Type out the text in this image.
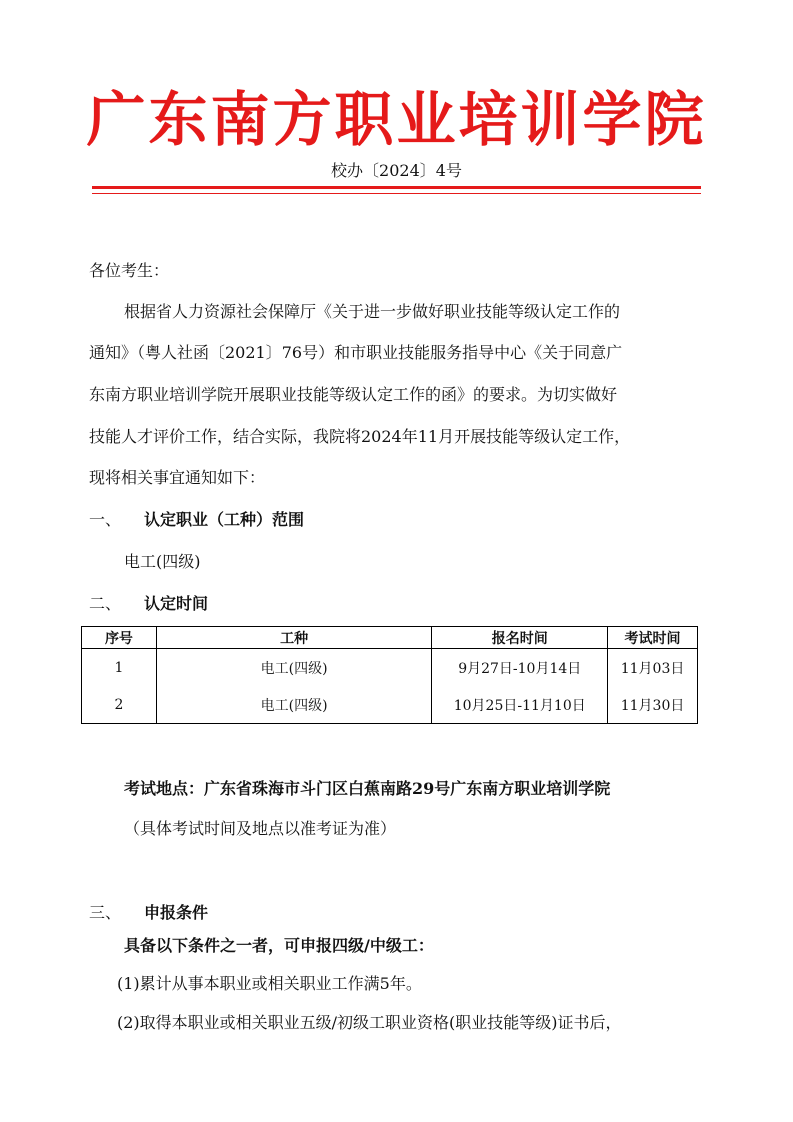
广东南方职业培训学院
校办〔2024〕4号
各位考生：
根据省人力资源社会保障厅《关于进一步做好职业技能等级认定工作的
通知》（粤人社函〔2021〕76号）和市职业技能服务指导中心《关于同意广
东南方职业培训学院开展职业技能等级认定工作的函》的要求。为切实做好
技能人才评价工作，结合实际，我院将2024年11月开展技能等级认定工作，
现将相关事宜通知如下：
一、 认定职业（工种）范围
电工(四级)
二、 认定时间
序号	工种	报名时间	考试时间
1	电工(四级)	9月27日-10月14日	11月03日
2	电工(四级)	10月25日-11月10日	11月30日
考试地点：广东省珠海市斗门区白蕉南路29号广东南方职业培训学院
（具体考试时间及地点以准考证为准）
三、 申报条件
具备以下条件之一者，可申报四级/中级工：
(1)累计从事本职业或相关职业工作满5年。
(2)取得本职业或相关职业五级/初级工职业资格(职业技能等级)证书后，
